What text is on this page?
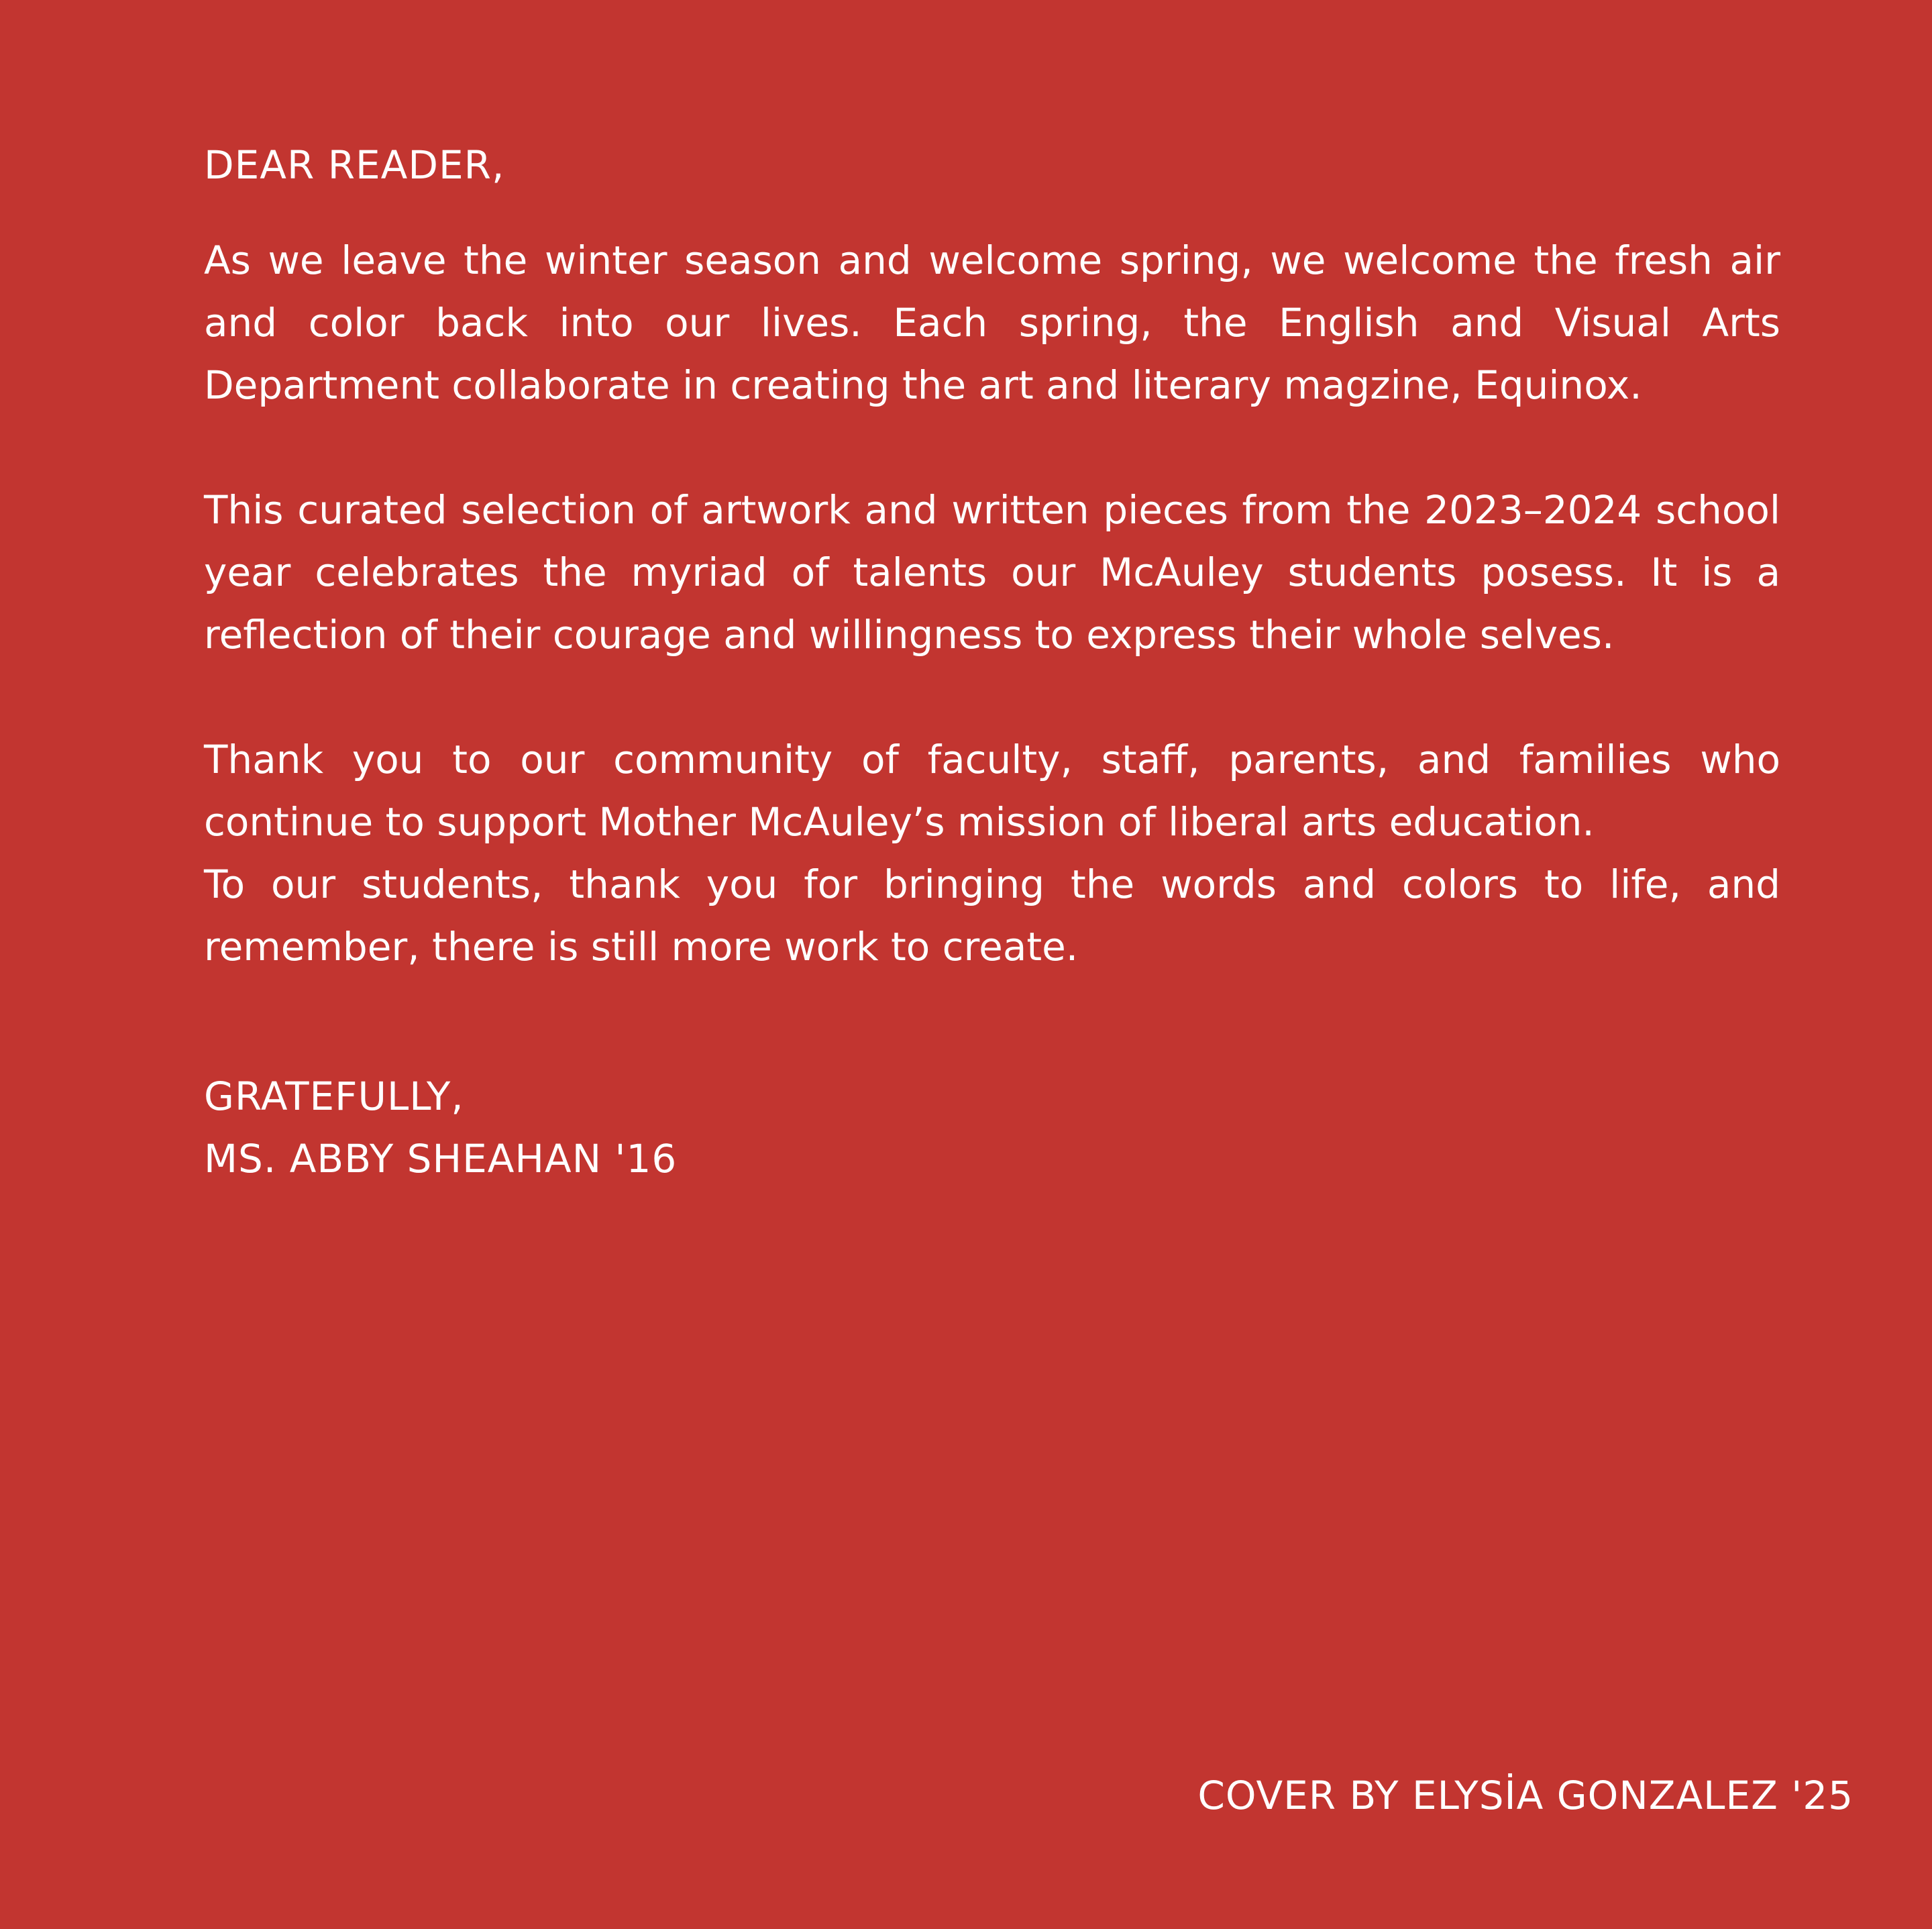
DEAR READER,

As we leave the winter season and welcome spring, we welcome the fresh air and color back into our lives. Each spring, the English and Visual Arts Department collaborate in creating the art and literary magzine, Equinox.

This curated selection of artwork and written pieces from the 2023–2024 school year celebrates the myriad of talents our McAuley students posess. It is a reflection of their courage and willingness to express their whole selves.

Thank you to our community of faculty, staff, parents, and families who continue to support Mother McAuley’s mission of liberal arts education.

To our students, thank you for bringing the words and colors to life, and remember, there is still more work to create.

GRATEFULLY,
MS. ABBY SHEAHAN '16
COVER BY ELYSİA GONZALEZ '25
